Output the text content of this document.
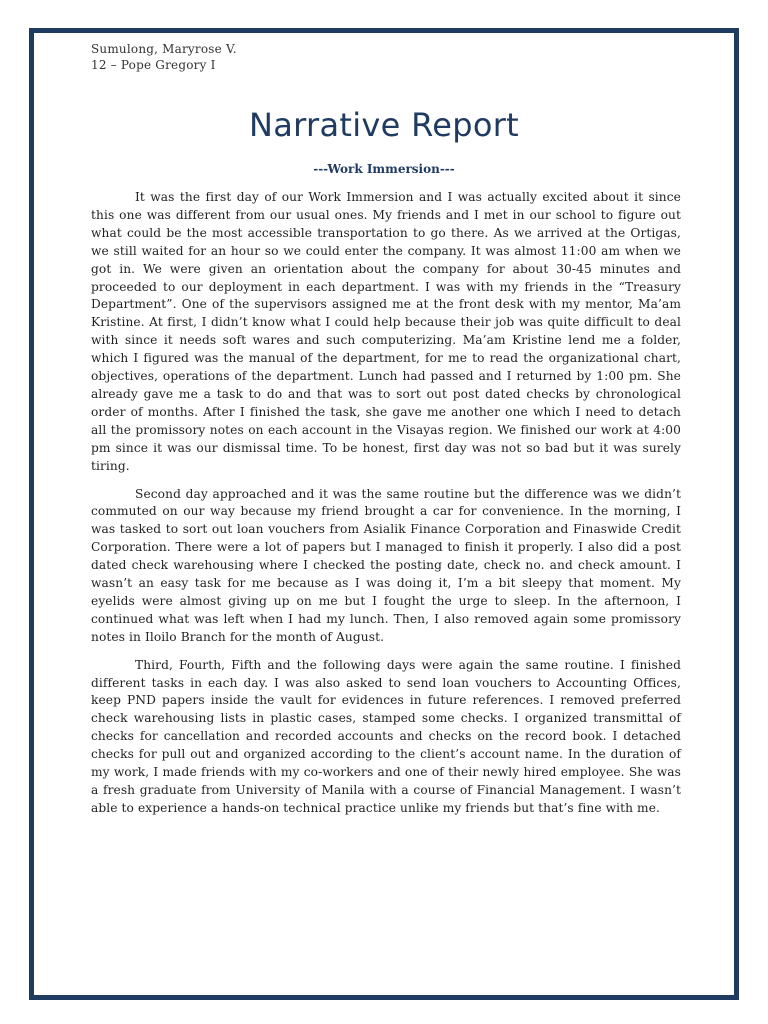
Sumulong, Maryrose V.
12 – Pope Gregory I
Narrative Report
---Work Immersion---

It was the first day of our Work Immersion and I was actually excited about it since this one was different from our usual ones. My friends and I met in our school to figure out what could be the most accessible transportation to go there. As we arrived at the Ortigas, we still waited for an hour so we could enter the company. It was almost 11:00 am when we got in. We were given an orientation about the company for about 30-45 minutes and proceeded to our deployment in each department. I was with my friends in the “Treasury Department”. One of the supervisors assigned me at the front desk with my mentor, Ma’am Kristine. At first, I didn’t know what I could help because their job was quite difficult to deal with since it needs soft wares and such computerizing. Ma’am Kristine lend me a folder, which I figured was the manual of the department, for me to read the organizational chart, objectives, operations of the department. Lunch had passed and I returned by 1:00 pm. She already gave me a task to do and that was to sort out post dated checks by chronological order of months. After I finished the task, she gave me another one which I need to detach all the promissory notes on each account in the Visayas region. We finished our work at 4:00 pm since it was our dismissal time. To be honest, first day was not so bad but it was surely tiring.

Second day approached and it was the same routine but the difference was we didn’t commuted on our way because my friend brought a car for convenience. In the morning, I was tasked to sort out loan vouchers from Asialik Finance Corporation and Finaswide Credit Corporation. There were a lot of papers but I managed to finish it properly. I also did a post dated check warehousing where I checked the posting date, check no. and check amount. I wasn’t an easy task for me because as I was doing it, I’m a bit sleepy that moment. My eyelids were almost giving up on me but I fought the urge to sleep. In the afternoon, I continued what was left when I had my lunch. Then, I also removed again some promissory notes in Iloilo Branch for the month of August.

Third, Fourth, Fifth and the following days were again the same routine. I finished different tasks in each day. I was also asked to send loan vouchers to Accounting Offices, keep PND papers inside the vault for evidences in future references. I removed preferred check warehousing lists in plastic cases, stamped some checks. I organized transmittal of checks for cancellation and recorded accounts and checks on the record book. I detached checks for pull out and organized according to the client’s account name. In the duration of my work, I made friends with my co-workers and one of their newly hired employee. She was a fresh graduate from University of Manila with a course of Financial Management. I wasn’t able to experience a hands-on technical practice unlike my friends but that’s fine with me.
